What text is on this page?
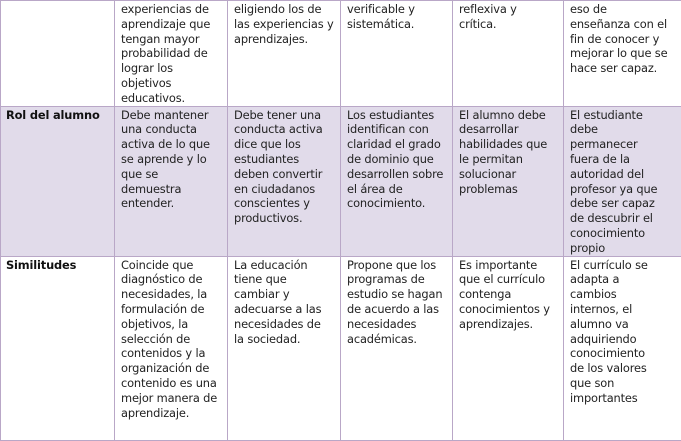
	experiencias de aprendizaje que tengan mayor probabilidad de lograr los objetivos educativos.	eligiendo los de las experiencias y aprendizajes.	verificable y sistemática.	reflexiva y crítica.	eso de enseñanza con el fin de conocer y mejorar lo que se hace ser capaz.

Rol del alumno	Debe mantener una conducta activa de lo que se aprende y lo que se demuestra entender.	Debe tener una conducta activa dice que los estudiantes deben convertir en ciudadanos conscientes y productivos.	Los estudiantes identifican con claridad el grado de dominio que desarrollen sobre el área de conocimiento.	El alumno debe desarrollar habilidades que le permitan solucionar problemas	El estudiante debe permanecer fuera de la autoridad del profesor ya que debe ser capaz de descubrir el conocimiento propio

Similitudes	Coincide que diagnóstico de necesidades, la formulación de objetivos, la selección de contenidos y la organización de contenido es una mejor manera de aprendizaje.	La educación tiene que cambiar y adecuarse a las necesidades de la sociedad.	Propone que los programas de estudio se hagan de acuerdo a las necesidades académicas.	Es importante que el currículo contenga conocimientos y aprendizajes.	El currículo se adapta a cambios internos, el alumno va adquiriendo conocimiento de los valores que son importantes
